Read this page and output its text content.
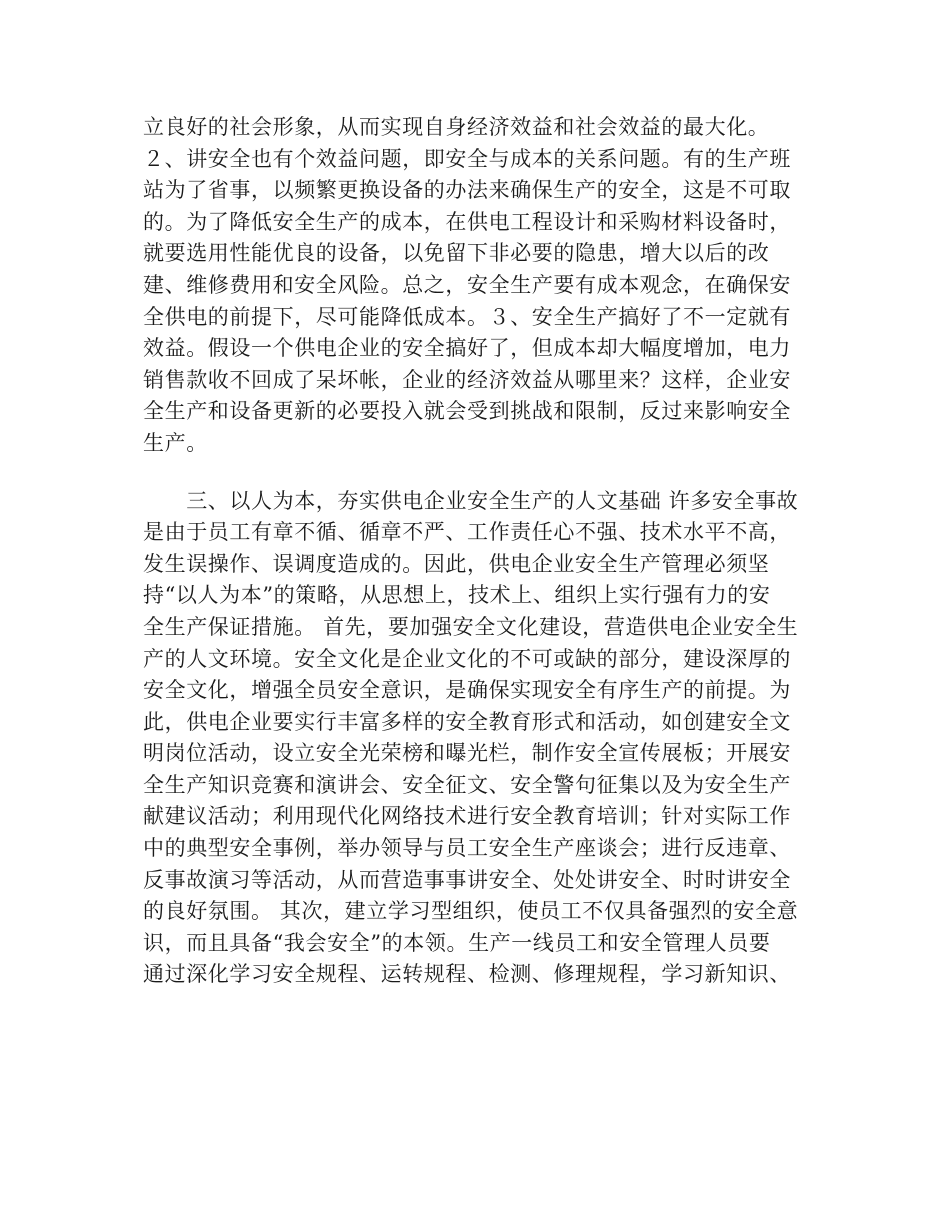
立良好的社会形象，从而实现自身经济效益和社会效益的最大化。
２、讲安全也有个效益问题，即安全与成本的关系问题。有的生产班
站为了省事，以频繁更换设备的办法来确保生产的安全，这是不可取
的。为了降低安全生产的成本，在供电工程设计和采购材料设备时，
就要选用性能优良的设备，以免留下非必要的隐患，增大以后的改
建、维修费用和安全风险。总之，安全生产要有成本观念，在确保安
全供电的前提下，尽可能降低成本。３、安全生产搞好了不一定就有
效益。假设一个供电企业的安全搞好了，但成本却大幅度增加，电力
销售款收不回成了呆坏帐，企业的经济效益从哪里来？这样，企业安
全生产和设备更新的必要投入就会受到挑战和限制，反过来影响安全
生产。
　　三、以人为本，夯实供电企业安全生产的人文基础 许多安全事故
是由于员工有章不循、循章不严、工作责任心不强、技术水平不高，
发生误操作、误调度造成的。因此，供电企业安全生产管理必须坚
持“以人为本”的策略，从思想上，技术上、组织上实行强有力的安
全生产保证措施。 首先，要加强安全文化建设，营造供电企业安全生
产的人文环境。安全文化是企业文化的不可或缺的部分，建设深厚的
安全文化，增强全员安全意识，是确保实现安全有序生产的前提。为
此，供电企业要实行丰富多样的安全教育形式和活动，如创建安全文
明岗位活动，设立安全光荣榜和曝光栏，制作安全宣传展板；开展安
全生产知识竞赛和演讲会、安全征文、安全警句征集以及为安全生产
献建议活动；利用现代化网络技术进行安全教育培训；针对实际工作
中的典型安全事例，举办领导与员工安全生产座谈会；进行反违章、
反事故演习等活动，从而营造事事讲安全、处处讲安全、时时讲安全
的良好氛围。 其次，建立学习型组织，使员工不仅具备强烈的安全意
识，而且具备“我会安全”的本领。生产一线员工和安全管理人员要
通过深化学习安全规程、运转规程、检测、修理规程，学习新知识、
